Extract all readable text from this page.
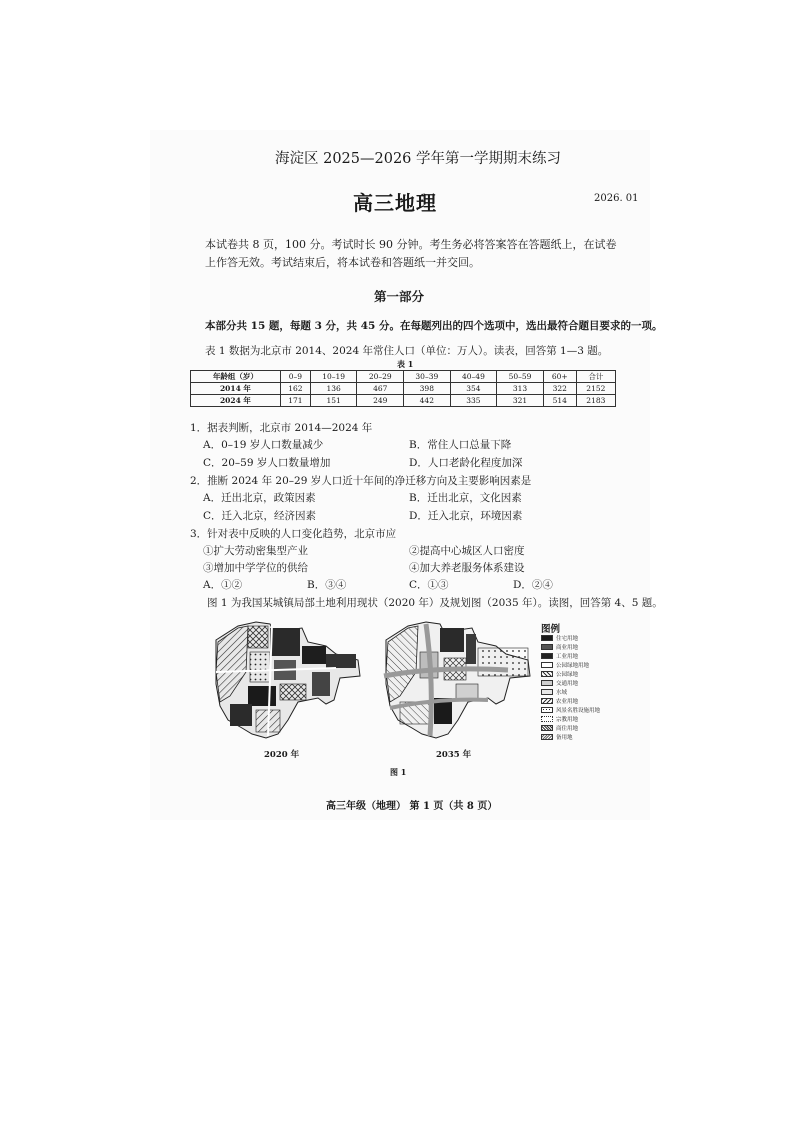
海淀区 2025—2026 学年第一学期期末练习
高三地理	2026. 01
本试卷共 8 页，100 分。考试时长 90 分钟。考生务必将答案答在答题纸上，在试卷上作答无效。考试结束后，将本试卷和答题纸一并交回。
第一部分
本部分共 15 题，每题 3 分，共 45 分。在每题列出的四个选项中，选出最符合题目要求的一项。
表 1 数据为北京市 2014、2024 年常住人口（单位：万人）。读表，回答第 1—3 题。
表 1
年龄组（岁）	0–9	10–19	20–29	30–39	40–49	50–59	60+	合计
2014 年	162	136	467	398	354	313	322	2152
2024 年	171	151	249	442	335	321	514	2183
1．据表判断，北京市 2014—2024 年
A．0–19 岁人口数量减少	B．常住人口总量下降
C．20–59 岁人口数量增加	D．人口老龄化程度加深
2．推断 2024 年 20–29 岁人口近十年间的净迁移方向及主要影响因素是
A．迁出北京，政策因素	B．迁出北京，文化因素
C．迁入北京，经济因素	D．迁入北京，环境因素
3．针对表中反映的人口变化趋势，北京市应
①扩大劳动密集型产业	②提高中心城区人口密度
③增加中学学位的供给	④加大养老服务体系建设
A．①②	B．③④	C．①③	D．②④
图 1 为我国某城镇局部土地利用现状（2020 年）及规划图（2035 年）。读图，回答第 4、5 题。
2020 年	2035 年
图例
住宅用地
商业用地
工业用地
公园绿地用地
公园绿地
交通用地
水域
农业用地
风景名胜设施用地
宗教用地
商住用地
备用地
图 1
高三年级（地理） 第 1 页（共 8 页）
